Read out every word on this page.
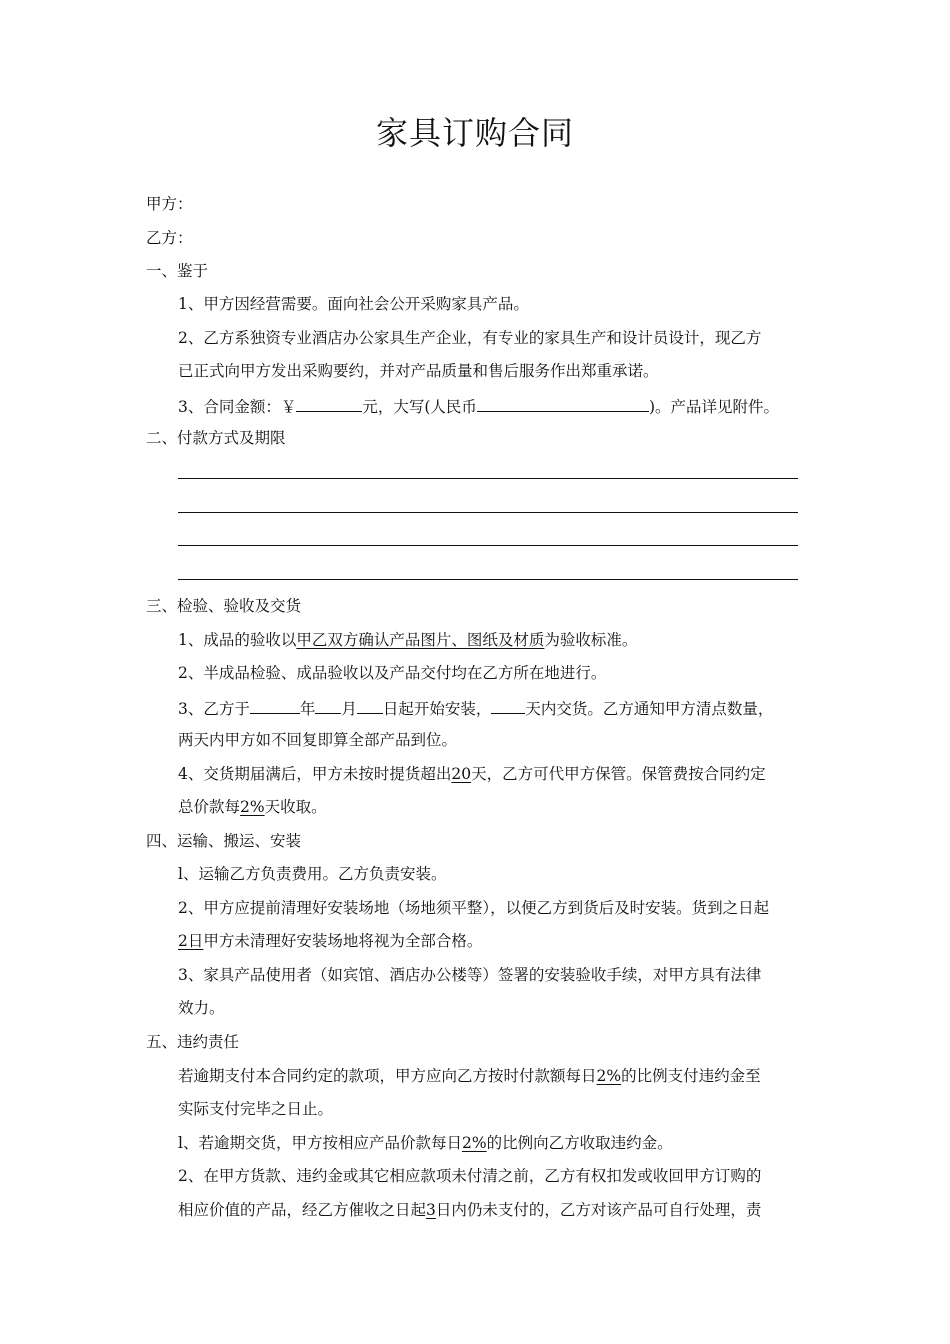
家具订购合同
甲方：
乙方：
一、鉴于
1、甲方因经营需要。面向社会公开采购家具产品。
2、乙方系独资专业酒店办公家具生产企业，有专业的家具生产和设计员设计，现乙方
已正式向甲方发出采购要约，并对产品质量和售后服务作出郑重承诺。
3、合同金额：￥	元，大写(人民币	)。产品详见附件。
二、付款方式及期限
三、检验、验收及交货
1、成品的验收以甲乙双方确认产品图片、图纸及材质为验收标准。
2、半成品检验、成品验收以及产品交付均在乙方所在地进行。
3、乙方于	年 月 日起开始安装， 天内交货。乙方通知甲方清点数量，
两天内甲方如不回复即算全部产品到位。
4、交货期届满后，甲方未按时提货超出20天，乙方可代甲方保管。保管费按合同约定
总价款每2%天收取。
四、运输、搬运、安装
l、运输乙方负责费用。乙方负责安装。
2、甲方应提前清理好安装场地（场地须平整），以便乙方到货后及时安装。货到之日起
2日甲方未清理好安装场地将视为全部合格。
3、家具产品使用者（如宾馆、酒店办公楼等）签署的安装验收手续，对甲方具有法律
效力。
五、违约责任
若逾期支付本合同约定的款项，甲方应向乙方按时付款额每日2%的比例支付违约金至
实际支付完毕之日止。
l、若逾期交货，甲方按相应产品价款每日2%的比例向乙方收取违约金。
2、在甲方货款、违约金或其它相应款项未付清之前，乙方有权扣发或收回甲方订购的
相应价值的产品，经乙方催收之日起3日内仍未支付的，乙方对该产品可自行处理，责
